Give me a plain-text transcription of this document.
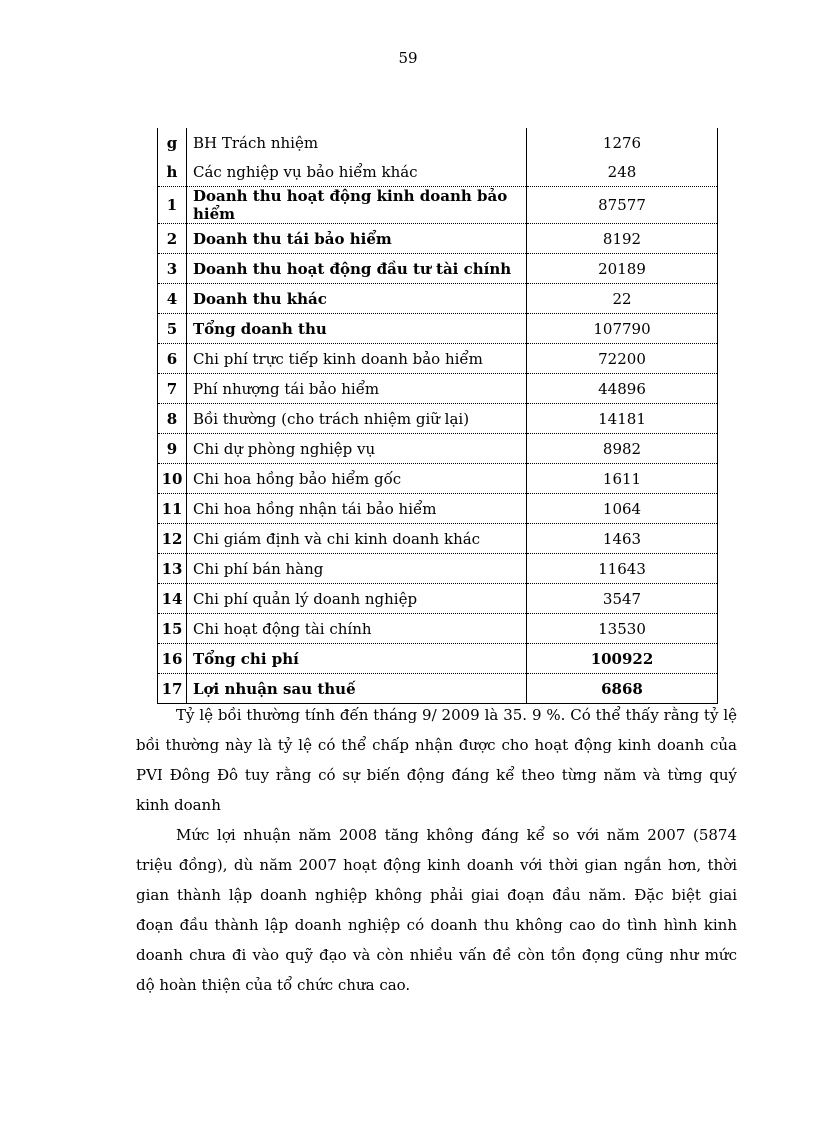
59
g	BH Trách nhiệm	1276
h	Các nghiệp vụ bảo hiểm khác	248
1	Doanh thu hoạt động kinh doanh bảo hiểm	87577
2	Doanh thu tái bảo hiểm	8192
3	Doanh thu hoạt động đầu tư tài chính	20189
4	Doanh thu khác	22
5	Tổng doanh thu	107790
6	Chi phí trực tiếp kinh doanh bảo hiểm	72200
7	Phí nhượng tái bảo hiểm	44896
8	Bồi thường (cho trách nhiệm giữ lại)	14181
9	Chi dự phòng nghiệp vụ	8982
10	Chi hoa hồng bảo hiểm gốc	1611
11	Chi hoa hồng nhận tái bảo hiểm	1064
12	Chi giám định và chi kinh doanh khác	1463
13	Chi phí bán hàng	11643
14	Chi phí quản lý doanh nghiệp	3547
15	Chi hoạt động tài chính	13530
16	Tổng chi phí	100922
17	Lợi nhuận sau thuế	6868

Tỷ lệ bồi thường tính đến tháng 9/ 2009 là 35. 9 %. Có thể thấy rằng tỷ lệ bồi thường này là tỷ lệ có thể chấp nhận được cho hoạt động kinh doanh của PVI Đông Đô tuy rằng có sự biến động đáng kể theo từng năm và từng quý kinh doanh

Mức lợi nhuận năm 2008 tăng không đáng kể so với năm 2007 (5874 triệu đồng), dù năm 2007 hoạt động kinh doanh với thời gian ngắn hơn, thời gian thành lập doanh nghiệp không phải giai đoạn đầu năm. Đặc biệt giai đoạn đầu thành lập doanh nghiệp có doanh thu không cao do tình hình kinh doanh chưa đi vào quỹ đạo và còn nhiều vấn đề còn tồn đọng cũng như mức dộ hoàn thiện của tổ chức chưa cao.
